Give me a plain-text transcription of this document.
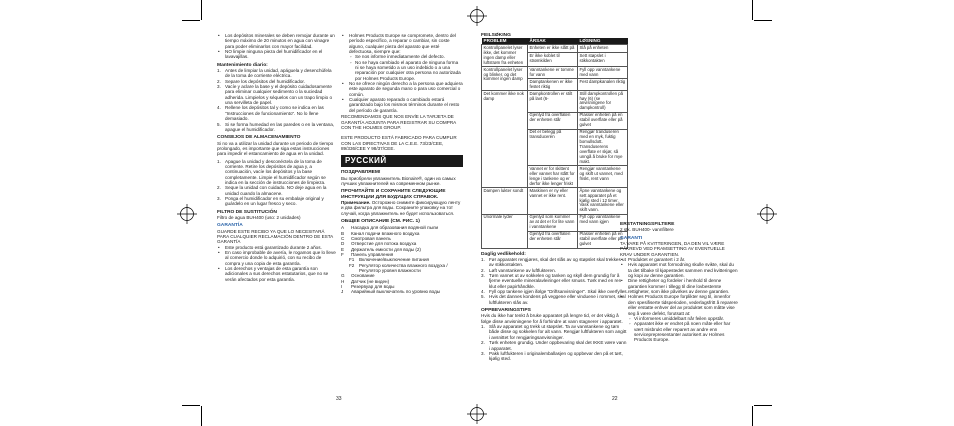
• Los depósitos minerales se deben remojar durante un tiempo máximo de 20 minutos en agua con vinagre para poder eliminarlos con mayor facilidad.
• NO limpie ninguna pieza del humidificador en el lavavajillas.

Mantenimiento diario:

Antes de limpiar la unidad, apáguela y desenchúfela de la toma de corriente eléctrica.
Separe los depósitos del humidificador.
Vacíe y aclare la base y el depósito cuidadosamente para eliminar cualquier sedimento o la suciedad adherida. Limpielos y séquelos con un trapo limpio o una servilleta de papel.
Rellene los depósitos tal y como se indica en las "Instrucciones de funcionamiento". No lo llene demasiado.
Si se forma humedad en las paredes o en la ventana, apague el humidificador.

CONSEJOS DE ALMACENAMIENTO

Si no va a utilizar la unidad durante un periodo de tiempo prolongado, es importante que siga estas instrucciones para impedir el estancamiento de agua en la unidad.

Apague la unidad y desconéctela de la toma de corriente. Retire los depósitos de agua y, a continuación, vacíe los depósitos y la base completamente. Limpie el humidificador según se indica en la sección de instrucciones de limpieza.
Seque la unidad con cuidado. NO deje agua en la unidad cuando la almacene.
Ponga el humidificador en su embalaje original y guárdelo en un lugar fresco y seco.

FILTRO DE SUSTITUCIÓN

Filtro de agua BUH400 (uso: 2 unidades)

GARANTÍA

GUARDE ESTE RECIBO YA QUE LO NECESITARÁ PARA CUALQUIER RECLAMACIÓN DENTRO DE ESTA GARANTÍA

• Este producto está garantizado durante 2 años.
• En caso improbable de avería, le rogamos que lo lleve al comercio donde lo adquirió, con su recibo de compra y una copia de esta garantía.
• Los derechos y ventajas de esta garantía son adicionales a sus derechos estatutarios, que no se verán afectados por esta garantía.
• Holmes Products Europe se compromete, dentro del período específico, a reparar o cambiar, sin coste alguno, cualquier pieza del aparato que esté defectuosa, siempre que:
◦ Se nos informe inmediatamente del defecto.
◦ No se haya cambiado el aparato de ninguna forma ni se haya sometido a un uso indebido o a una reparación por cualquier otra persona no autorizada por Holmes Products Europe.
• No se ofrece ningún derecho a la persona que adquiera este aparato de segunda mano o para uso comercial o común.
• Cualquier aparato reparado o cambiado estará garantizado bajo los mismos términos durante el resto del período de garantía.

RECOMENDAMOS QUE NOS ENVÍE LA TARJETA DE GARANTÍA ADJUNTA PARA REGISTRAR SU COMPRA CON THE HOLMES GROUP.

ESTE PRODUCTO ESTÁ FABRICADO PARA CUMPLIR CON LAS DIRECTIVAS DE LA C.E.E. 73/23/CEE, 89/336/CEE Y 98/37/CEE.

РУССКИЙ

ПОЗДРАВЛЯЕМ!

Вы приобрели увлажнитель Bionaire®, один из самых лучших увлажнителей на современном рынке.

ПРОЧИТАЙТЕ И СОХРАНИТЕ СЛЕДУЮЩИЕ ИНСТРУКЦИИ ДЛЯ БУДУЩИХ СПРАВОК.

Примечание. Осторожно снимите фиксирующую ленту и два фильтра для воды. Сохраните упаковку на тот случай, когда увлажнитель не будет использоваться.

ОБЩЕЕ ОПИСАНИЕ (СМ. РИС. 1)

A Насадка для образования водяной пыли
B Канал подачи влажного воздуха
C Смотровая панель
D Отверстие для потока воздуха
E Держатель емкости для воды (2)
F Панель управления
F1 Включение/выключение питания
F2 Регулятор количества влажного воздуха / Регулятор уровня влажности
G Основание
H Датчик (не виден)
I Резервуар для воды
J Аварийный выключатель по уровню воды
33

FEILSØKING

PROBLEM	ÅRSAK	LØSNING
Kontrollpanelet lyser ikke, det kommer ingen damp eller luftstrøm fra enheten	Enheten er ikke slått på	Slå på enheten
	Er ikke koblet til strømkilden	Sett støpslet i stikkontakten
Kontrollpanelet lyser og blinker, og det kommer ingen damp	Vanntankene er tomme for vann	Fyll opp vanntankene med vann
	Damptankenen er ikke festet riktig	Fest dampkanalen riktig
Det kommer ikke nok damp	Dampkontrollen er stilt på lavt (6-	Still dampkontrollen på høy (6) (se anvisningene for dampkontroll)
	Gjenlyd fra overflaten der enheten står	Plasser enheten på en stabil overflate eller på gulvet
	Det er belegg på transducerén	Rengjør tranduseren med en myk, fuktig bomullsdott. Transduserens overflate er skjør, så unngå å bruke for mye makt.
	Vannet er for skittent eller vannet har stått for lenge i tankene og er derfor ikke lenger friskt	Rengjør vanntankene og skift ut vannet, med friskt, rent vann
Dampen lukter sondt	Maskinen er ny eller vannet er ikke rent.	Åpne vanntankene og sett apparatet på et kjølig sted i 12 timer. Vask vanntankene eller skift vann.
Unormale lyder	Gjenlyd som kommer av at det er for lite vann i vanntankene	Fyll opp vanntankene med vann igjen
	Gjenlyd fra overflaten der enheten står	Plasser enheten på en stabil overflate eller på gulvet

Daglig vedlikehold:

Før apparatet rengjøres, skal det slås av og støpslet skal trekkes ut av stikkontakten.
Løft vanntankene av luftfukteren.
Tøm vannet ut av sokkelen og tanken og skyll dem grundig for å fjerne eventuelle mineralavleiringer eller smuss. Tørk med en ren klut eller papirhåndkle.
Fyll opp tankene igjen ifølge "Driftsanvisninger". Skal ikke overfylles.
Hvis det dannes kondens på veggene eller vinduene i rommet, skal luftfukteren slås av.

OPPBEVARINGSTIPS

Hvis du ikke har tenkt å bruke apparatet på lengre tid, er det viktig å følge disse anvisningene for å forhindre at vann stagnerer i apparatet.

Slå av apparatet og trekk ut støpslet. Ta av vanntankene og tøm både disse og sokkelen for alt vann. Rengjør luftfukteren som angitt i avsnittet for rengjøringsanvisninger.
Tørk enheten grundig. Under oppbevaring skal det IKKE være vann i apparatet.
Pakk luftfukteren i originalemballasjen og oppbevar den på et tørt, kjølig sted.

ERSTATNINGSFILTERE

2 stk. BUH400- vannfiltere

GARANTI

TA VARE PÅ KVITTERINGEN, DA DEN VIL VÆRE PÅKREVD VED FRAMSETTING AV EVENTUELLE KRAV UNDER GARANTIEN.

• Produktet er garantert i 2 år.
• Hvis apparatet mot formodning skulle svikte, skal du ta det tilbake til kjøpestedet sammen med kvitteringen og kopi av denne garantien.
• Dine rettigheter og fordeler i henhold til denne garantien kommer i tillegg til dine lovbestemte rettigheter, som ikke påvirkes av denne garantien.
• Holmes Products Europe forplikter seg til, innenfor den spesifiserte tidsperioden, vederlagsfritt å reparere eller erstatte enhver del av produktet som måtte vise seg å være defekt, forutsatt at:
◦ Vi informeres umiddelbart når feilen oppstår.
◦ Apparatet ikke er endret på noen måte eller har vært misbrukt eller reparert av andre enn serviceprepresentanter autorisert av Holmes Products Europe.
22
